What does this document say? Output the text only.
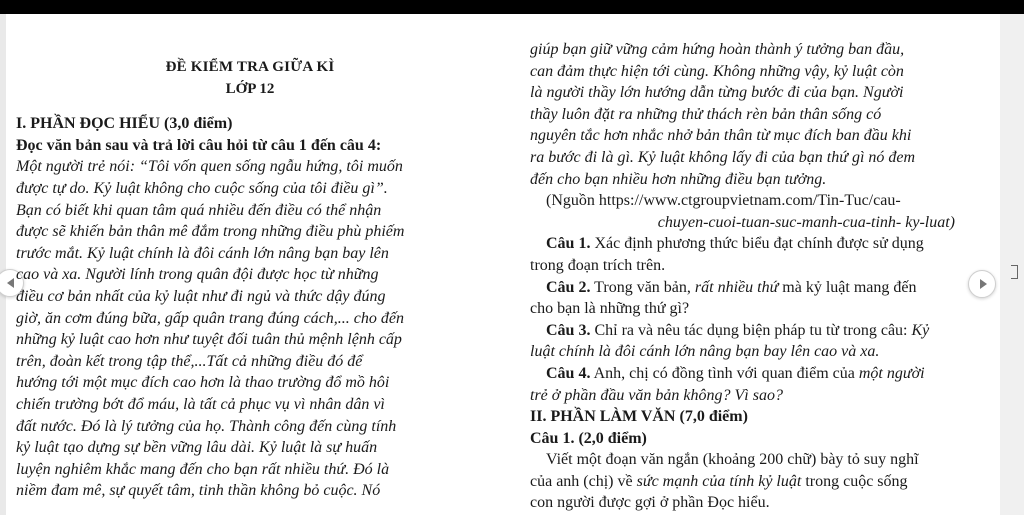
ĐỀ KIỂM TRA GIỮA KÌ
LỚP 12
I. PHẦN ĐỌC HIỂU (3,0 điểm)
Đọc văn bản sau và trả lời câu hỏi từ câu 1 đến câu 4:
Một người trẻ nói: “Tôi vốn quen sống ngẫu hứng, tôi muốn
được tự do. Kỷ luật không cho cuộc sống của tôi điều gì”.
Bạn có biết khi quan tâm quá nhiều đến điều có thể nhận
được sẽ khiến bản thân mê đắm trong những điều phù phiếm
trước mắt. Kỷ luật chính là đôi cánh lớn nâng bạn bay lên
cao và xa. Người lính trong quân đội được học từ những
điều cơ bản nhất của kỷ luật như đi ngủ và thức dậy đúng
giờ, ăn cơm đúng bữa, gấp quân trang đúng cách,... cho đến
những kỷ luật cao hơn như tuyệt đối tuân thủ mệnh lệnh cấp
trên, đoàn kết trong tập thể,...Tất cả những điều đó để
hướng tới một mục đích cao hơn là thao trường đổ mồ hôi
chiến trường bớt đổ máu, là tất cả phục vụ vì nhân dân vì
đất nước. Đó là lý tưởng của họ. Thành công đến cùng tính
kỷ luật tạo dựng sự bền vững lâu dài. Kỷ luật là sự huấn
luyện nghiêm khắc mang đến cho bạn rất nhiều thứ. Đó là
niềm đam mê, sự quyết tâm, tinh thần không bỏ cuộc. Nó
giúp bạn giữ vững cảm hứng hoàn thành ý tưởng ban đầu,
can đảm thực hiện tới cùng. Không những vậy, kỷ luật còn
là người thầy lớn hướng dẫn từng bước đi của bạn. Người
thầy luôn đặt ra những thử thách rèn bản thân sống có
nguyên tắc hơn nhắc nhở bản thân từ mục đích ban đầu khi
ra bước đi là gì. Kỷ luật không lấy đi của bạn thứ gì nó đem
đến cho bạn nhiều hơn những điều bạn tưởng.
(Nguồn https://www.ctgroupvietnam.com/Tin-Tuc/cau-
chuyen-cuoi-tuan-suc-manh-cua-tinh- ky-luat)
Câu 1. Xác định phương thức biểu đạt chính được sử dụng
trong đoạn trích trên.
Câu 2. Trong văn bản, rất nhiều thứ mà kỷ luật mang đến
cho bạn là những thứ gì?
Câu 3. Chỉ ra và nêu tác dụng biện pháp tu từ trong câu: Kỷ
luật chính là đôi cánh lớn nâng bạn bay lên cao và xa.
Câu 4. Anh, chị có đồng tình với quan điểm của một người
trẻ ở phần đầu văn bản không? Vì sao?
II. PHẦN LÀM VĂN (7,0 điểm)
Câu 1. (2,0 điểm)
Viết một đoạn văn ngắn (khoảng 200 chữ) bày tỏ suy nghĩ
của anh (chị) về sức mạnh của tính kỷ luật trong cuộc sống
con người được gợi ở phần Đọc hiểu.
